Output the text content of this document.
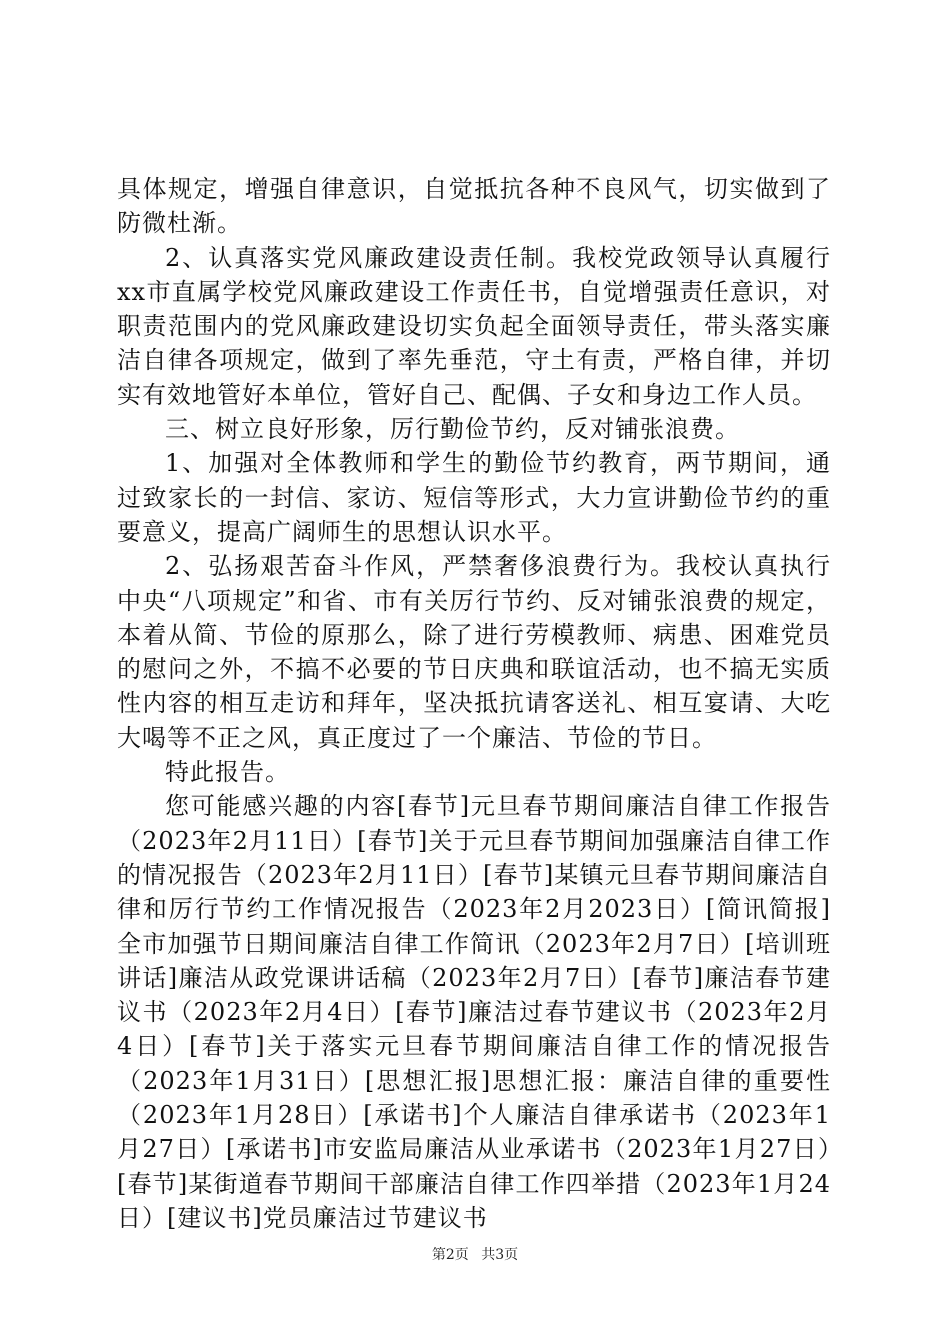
具体规定，增强自律意识，自觉抵抗各种不良风气，切实做到了防微杜渐。

2、认真落实党风廉政建设责任制。我校党政领导认真履行xx市直属学校党风廉政建设工作责任书，自觉增强责任意识，对职责范围内的党风廉政建设切实负起全面领导责任，带头落实廉洁自律各项规定，做到了率先垂范，守土有责，严格自律，并切实有效地管好本单位，管好自己、配偶、子女和身边工作人员。

三、树立良好形象，厉行勤俭节约，反对铺张浪费。

1、加强对全体教师和学生的勤俭节约教育，两节期间，通过致家长的一封信、家访、短信等形式，大力宣讲勤俭节约的重要意义，提高广阔师生的思想认识水平。

2、弘扬艰苦奋斗作风，严禁奢侈浪费行为。我校认真执行中央“八项规定”和省、市有关厉行节约、反对铺张浪费的规定，本着从简、节俭的原那么，除了进行劳模教师、病患、困难党员的慰问之外，不搞不必要的节日庆典和联谊活动，也不搞无实质性内容的相互走访和拜年，坚决抵抗请客送礼、相互宴请、大吃大喝等不正之风，真正度过了一个廉洁、节俭的节日。

特此报告。

您可能感兴趣的内容[春节]元旦春节期间廉洁自律工作报告（2023年2月11日）[春节]关于元旦春节期间加强廉洁自律工作的情况报告（2023年2月11日）[春节]某镇元旦春节期间廉洁自律和厉行节约工作情况报告（2023年2月2023日）[简讯简报]全市加强节日期间廉洁自律工作简讯（2023年2月7日）[培训班讲话]廉洁从政党课讲话稿（2023年2月7日）[春节]廉洁春节建议书（2023年2月4日）[春节]廉洁过春节建议书（2023年2月4日）[春节]关于落实元旦春节期间廉洁自律工作的情况报告（2023年1月31日）[思想汇报]思想汇报：廉洁自律的重要性（2023年1月28日）[承诺书]个人廉洁自律承诺书（2023年1月27日）[承诺书]市安监局廉洁从业承诺书（2023年1月27日）[春节]某街道春节期间干部廉洁自律工作四举措（2023年1月24日）[建议书]党员廉洁过节建议书

第2页 共3页
